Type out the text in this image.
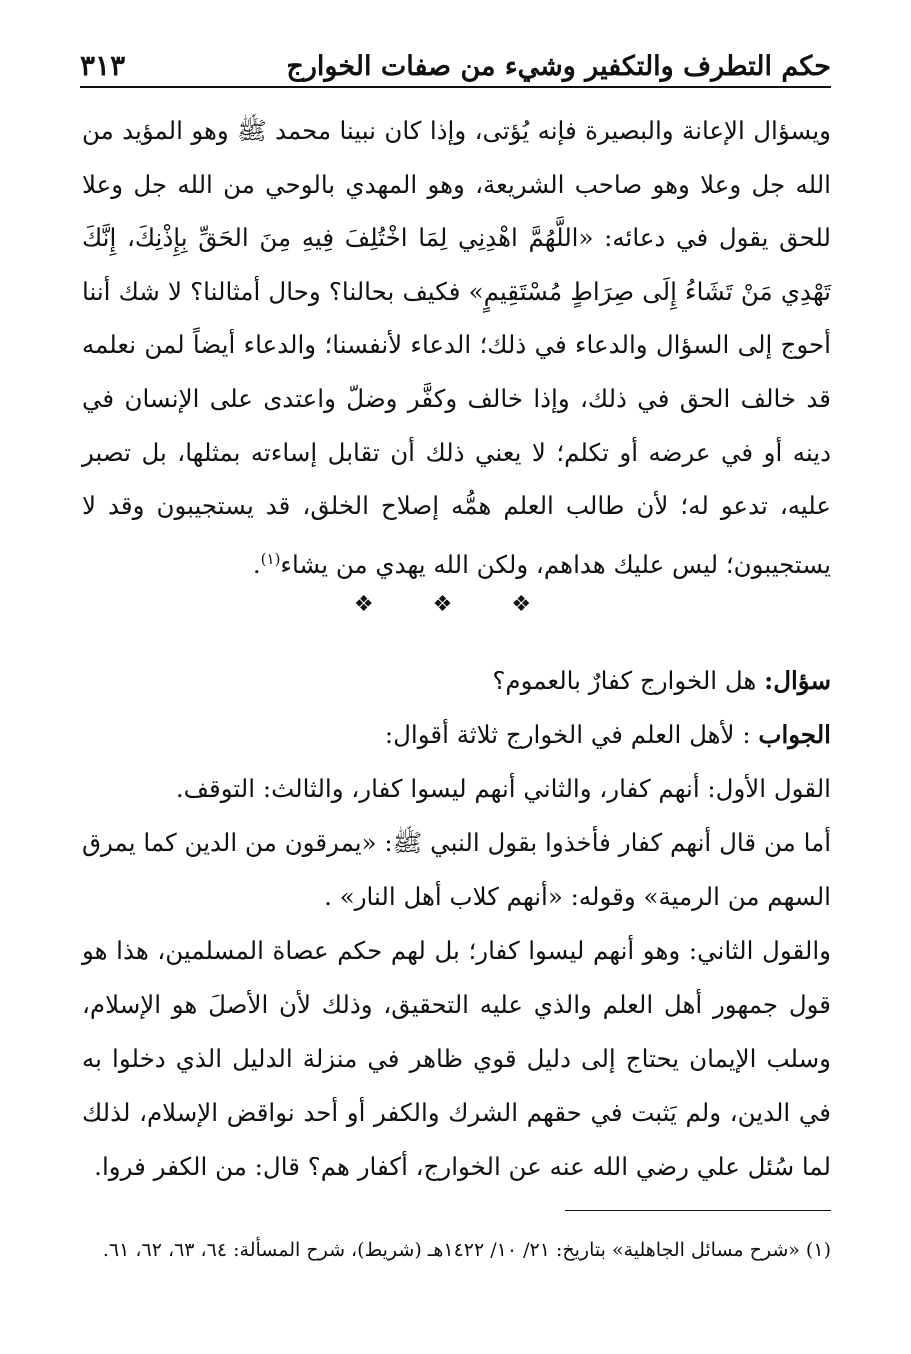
حكم التطرف والتكفير وشيء من صفات الخوارج
٣١٣

ويسؤال الإعانة والبصيرة فإنه يُؤتى، وإذا كان نبينا محمد ﷺ وهو المؤيد من الله جل وعلا وهو صاحب الشريعة، وهو المهدي بالوحي من الله جل وعلا للحق يقول في دعائه: «اللَّهُمَّ اهْدِنِي لِمَا اخْتُلِفَ فِيهِ مِنَ الحَقِّ بِإِذْنِكَ، إِنَّكَ تَهْدِي مَنْ تَشَاءُ إِلَى صِرَاطٍ مُسْتَقِيمٍ» فكيف بحالنا؟ وحال أمثالنا؟ لا شك أننا أحوج إلى السؤال والدعاء في ذلك؛ الدعاء لأنفسنا؛ والدعاء أيضاً لمن نعلمه قد خالف الحق في ذلك، وإذا خالف وكفَّر وضلّ واعتدى على الإنسان في دينه أو في عرضه أو تكلم؛ لا يعني ذلك أن تقابل إساءته بمثلها، بل تصبر عليه، تدعو له؛ لأن طالب العلم همُّه إصلاح الخلق، قد يستجيبون وقد لا يستجيبون؛ ليس عليك هداهم، ولكن الله يهدي من يشاء$^{(١)}$.

❖ ❖ ❖
سؤال: هل الخوارج كفارٌ بالعموم؟
الجواب : لأهل العلم في الخوارج ثلاثة أقوال:
القول الأول: أنهم كفار، والثاني أنهم ليسوا كفار، والثالث: التوقف.
أما من قال أنهم كفار فأخذوا بقول النبي ﷺ: «يمرقون من الدين كما يمرق السهم من الرمية» وقوله: «أنهم كلاب أهل النار» .
والقول الثاني: وهو أنهم ليسوا كفار؛ بل لهم حكم عصاة المسلمين، هذا هو قول جمهور أهل العلم والذي عليه التحقيق، وذلك لأن الأصلَ هو الإسلام، وسلب الإيمان يحتاج إلى دليل قوي ظاهر في منزلة الدليل الذي دخلوا به في الدين، ولم يَثبت في حقهم الشرك والكفر أو أحد نواقض الإسلام، لذلك لما سُئل علي رضي الله عنه عن الخوارج، أكفار هم؟ قال: من الكفر فروا.
(١) «شرح مسائل الجاهلية» بتاريخ: ٢١/ ١٠/ ١٤٢٢هـ (شريط)، شرح المسألة: ٦٤، ٦٣، ٦٢، ٦١.
